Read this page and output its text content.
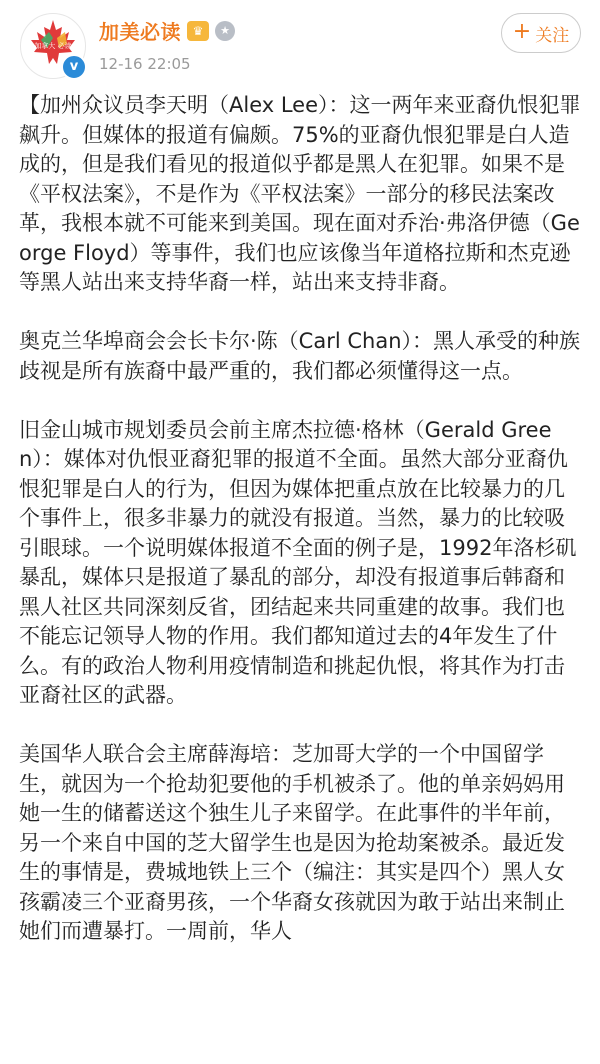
加拿大 必读
v
加美必读 ♛	★
12-16 22:05
+ 关注

【加州众议员李天明（Alex Lee）：这一两年来亚裔仇恨犯罪飙升。但媒体的报道有偏颇。75%的亚裔仇恨犯罪是白人造成的，但是我们看见的报道似乎都是黑人在犯罪。如果不是《平权法案》，不是作为《平权法案》一部分的移民法案改革，我根本就不可能来到美国。现在面对乔治·弗洛伊德（George Floyd）等事件，我们也应该像当年道格拉斯和杰克逊等黑人站出来支持华裔一样，站出来支持非裔。

奥克兰华埠商会会长卡尔·陈（Carl Chan）：黑人承受的种族歧视是所有族裔中最严重的，我们都必须懂得这一点。

旧金山城市规划委员会前主席杰拉德·格林（Gerald Green）：媒体对仇恨亚裔犯罪的报道不全面。虽然大部分亚裔仇恨犯罪是白人的行为，但因为媒体把重点放在比较暴力的几个事件上，很多非暴力的就没有报道。当然，暴力的比较吸引眼球。一个说明媒体报道不全面的例子是，1992年洛杉矶暴乱，媒体只是报道了暴乱的部分，却没有报道事后韩裔和黑人社区共同深刻反省，团结起来共同重建的故事。我们也不能忘记领导人物的作用。我们都知道过去的4年发生了什么。有的政治人物利用疫情制造和挑起仇恨，将其作为打击亚裔社区的武器。

美国华人联合会主席薛海培：芝加哥大学的一个中国留学生，就因为一个抢劫犯要他的手机被杀了。他的单亲妈妈用她一生的储蓄送这个独生儿子来留学。在此事件的半年前，另一个来自中国的芝大留学生也是因为抢劫案被杀。最近发生的事情是，费城地铁上三个（编注：其实是四个）黑人女孩霸凌三个亚裔男孩，一个华裔女孩就因为敢于站出来制止她们而遭暴打。一周前，华人
